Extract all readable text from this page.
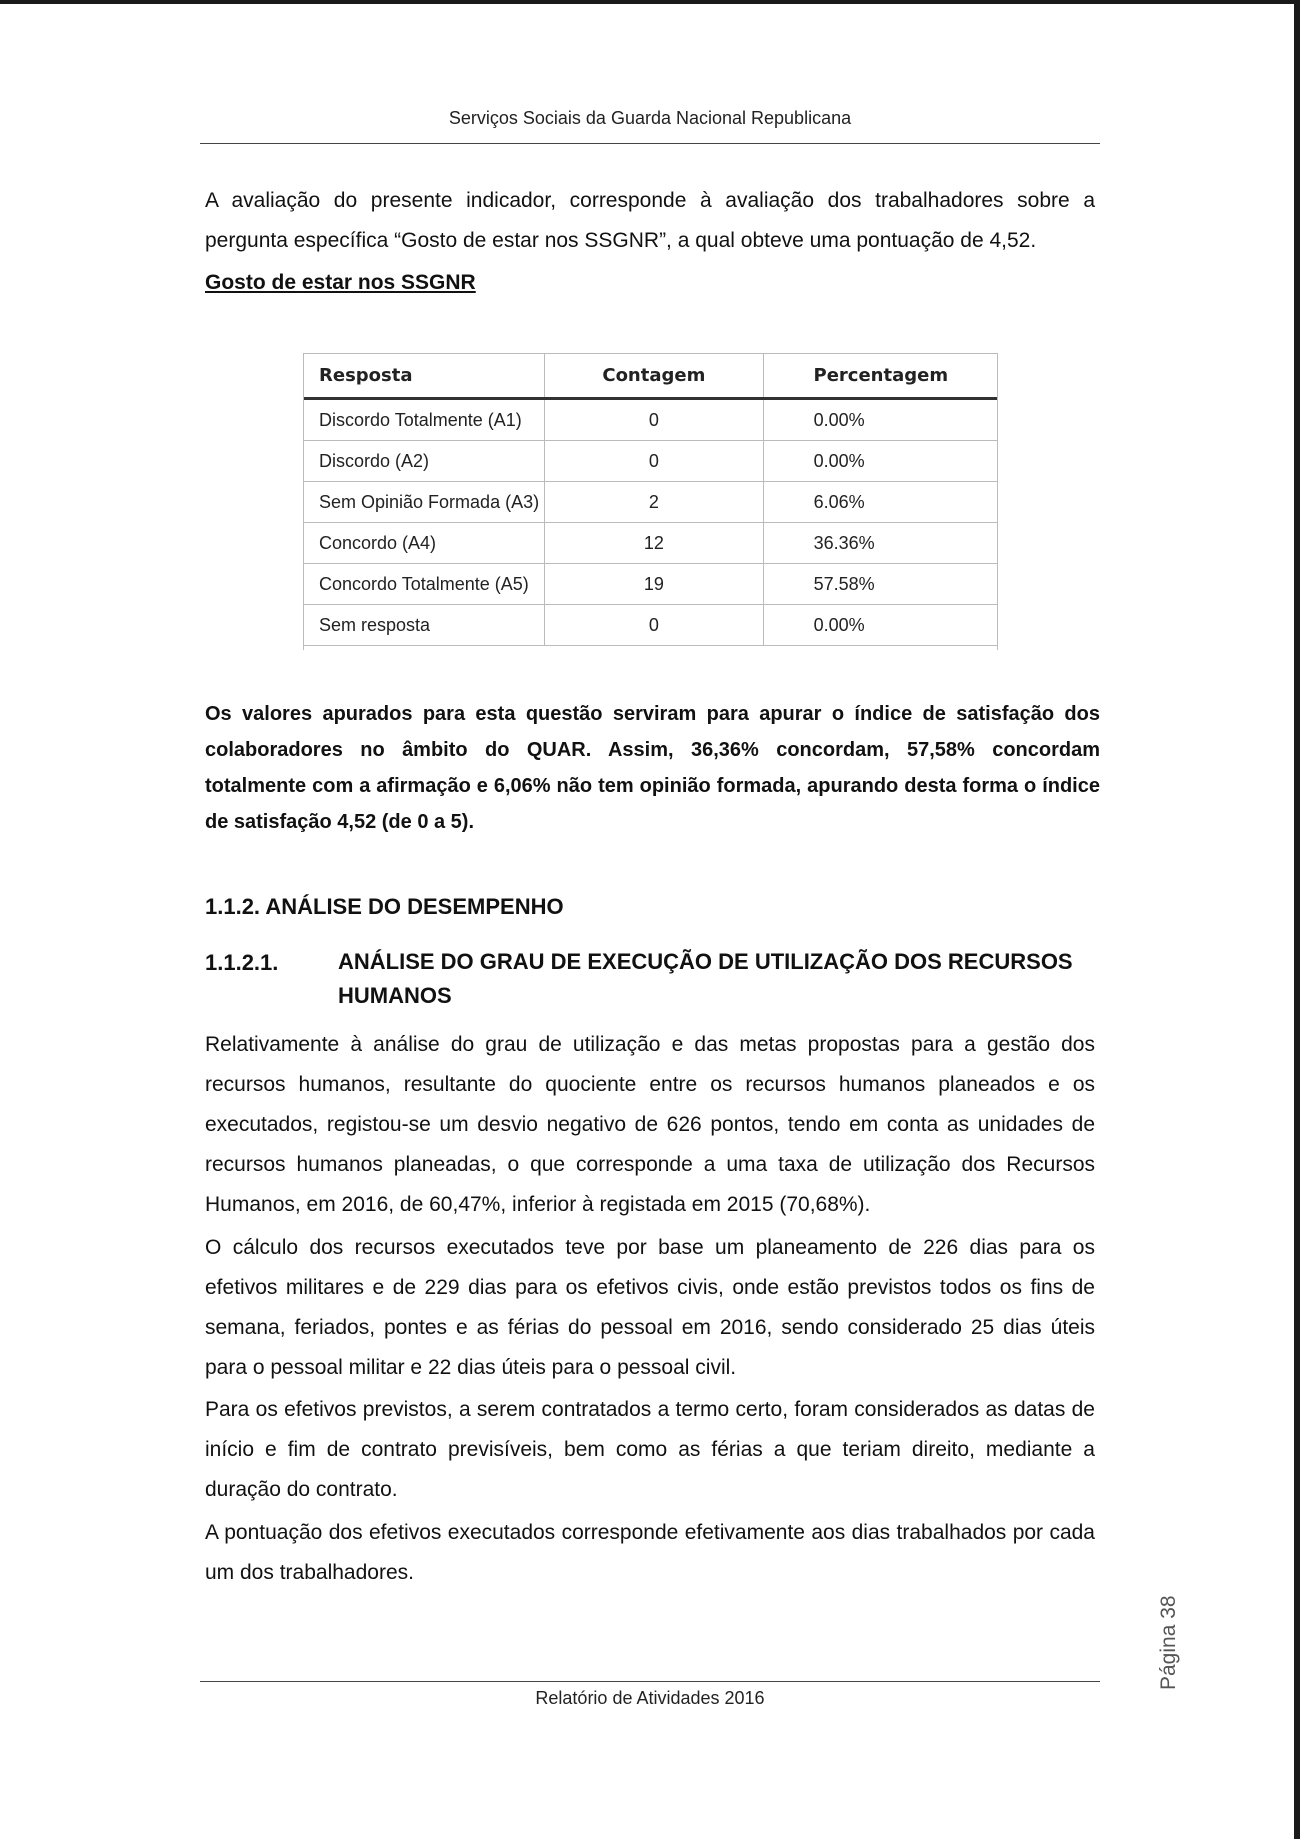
Serviços Sociais da Guarda Nacional Republicana
A avaliação do presente indicador, corresponde à avaliação dos trabalhadores sobre a pergunta específica “Gosto de estar nos SSGNR”, a qual obteve uma pontuação de 4,52.
Gosto de estar nos SSGNR
Resposta	Contagem	Percentagem
Discordo Totalmente (A1)	0	0.00%
Discordo (A2)	0	0.00%
Sem Opinião Formada (A3)	2	6.06%
Concordo (A4)	12	36.36%
Concordo Totalmente (A5)	19	57.58%
Sem resposta	0	0.00%
Os valores apurados para esta questão serviram para apurar o índice de satisfação dos colaboradores no âmbito do QUAR. Assim, 36,36% concordam, 57,58% concordam totalmente com a afirmação e 6,06% não tem opinião formada, apurando desta forma o índice de satisfação 4,52 (de 0 a 5).
1.1.2. ANÁLISE DO DESEMPENHO
1.1.2.1.	ANÁLISE DO GRAU DE EXECUÇÃO DE UTILIZAÇÃO DOS RECURSOS HUMANOS
Relativamente à análise do grau de utilização e das metas propostas para a gestão dos recursos humanos, resultante do quociente entre os recursos humanos planeados e os executados, registou-se um desvio negativo de 626 pontos, tendo em conta as unidades de recursos humanos planeadas, o que corresponde a uma taxa de utilização dos Recursos Humanos, em 2016, de 60,47%, inferior à registada em 2015 (70,68%).
O cálculo dos recursos executados teve por base um planeamento de 226 dias para os efetivos militares e de 229 dias para os efetivos civis, onde estão previstos todos os fins de semana, feriados, pontes e as férias do pessoal em 2016, sendo considerado 25 dias úteis para o pessoal militar e 22 dias úteis para o pessoal civil.
Para os efetivos previstos, a serem contratados a termo certo, foram considerados as datas de início e fim de contrato previsíveis, bem como as férias a que teriam direito, mediante a duração do contrato.
A pontuação dos efetivos executados corresponde efetivamente aos dias trabalhados por cada um dos trabalhadores.
Página 38
Relatório de Atividades 2016
